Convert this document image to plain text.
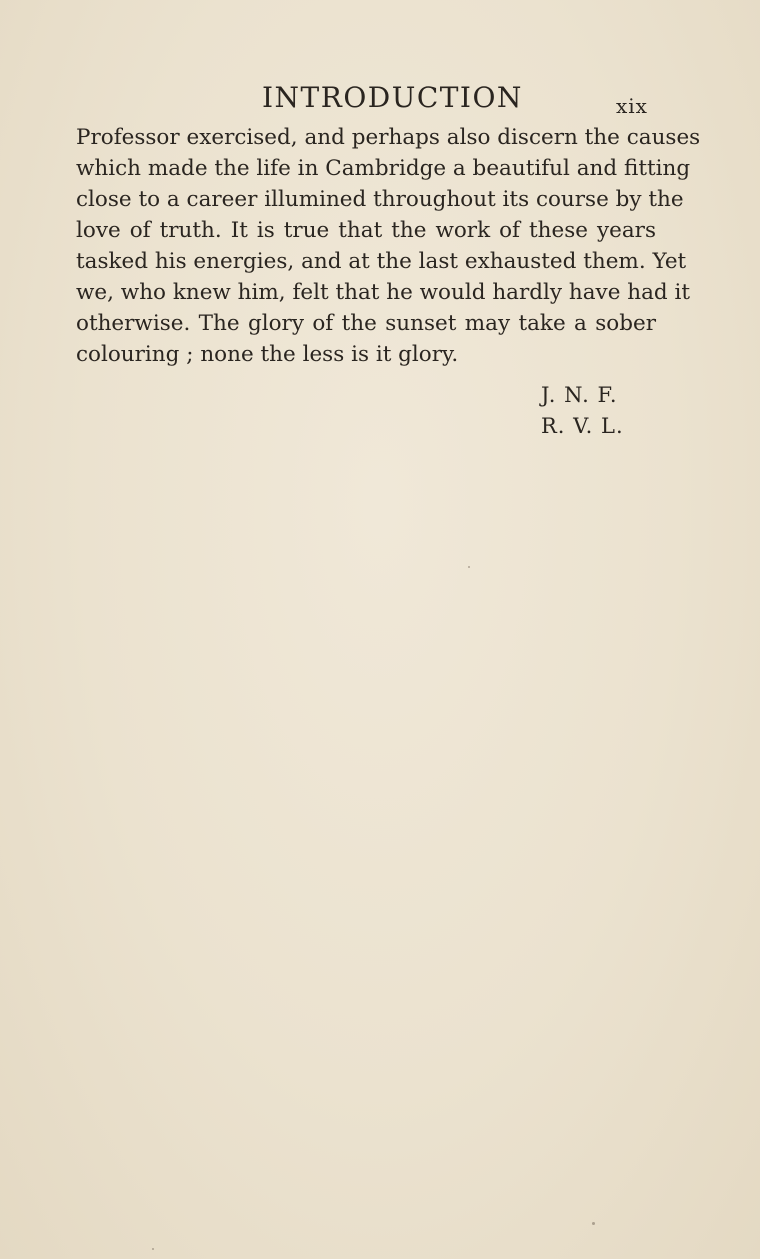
INTRODUCTION	xix
Professor exercised, and perhaps also discern the causes
which made the life in Cambridge a beautiful and fitting
close to a career illumined throughout its course by the
love of truth. It is true that the work of these years
tasked his energies, and at the last exhausted them. Yet
we, who knew him, felt that he would hardly have had it
otherwise. The glory of the sunset may take a sober
colouring ; none the less is it glory.
J. N. F.
R. V. L.
